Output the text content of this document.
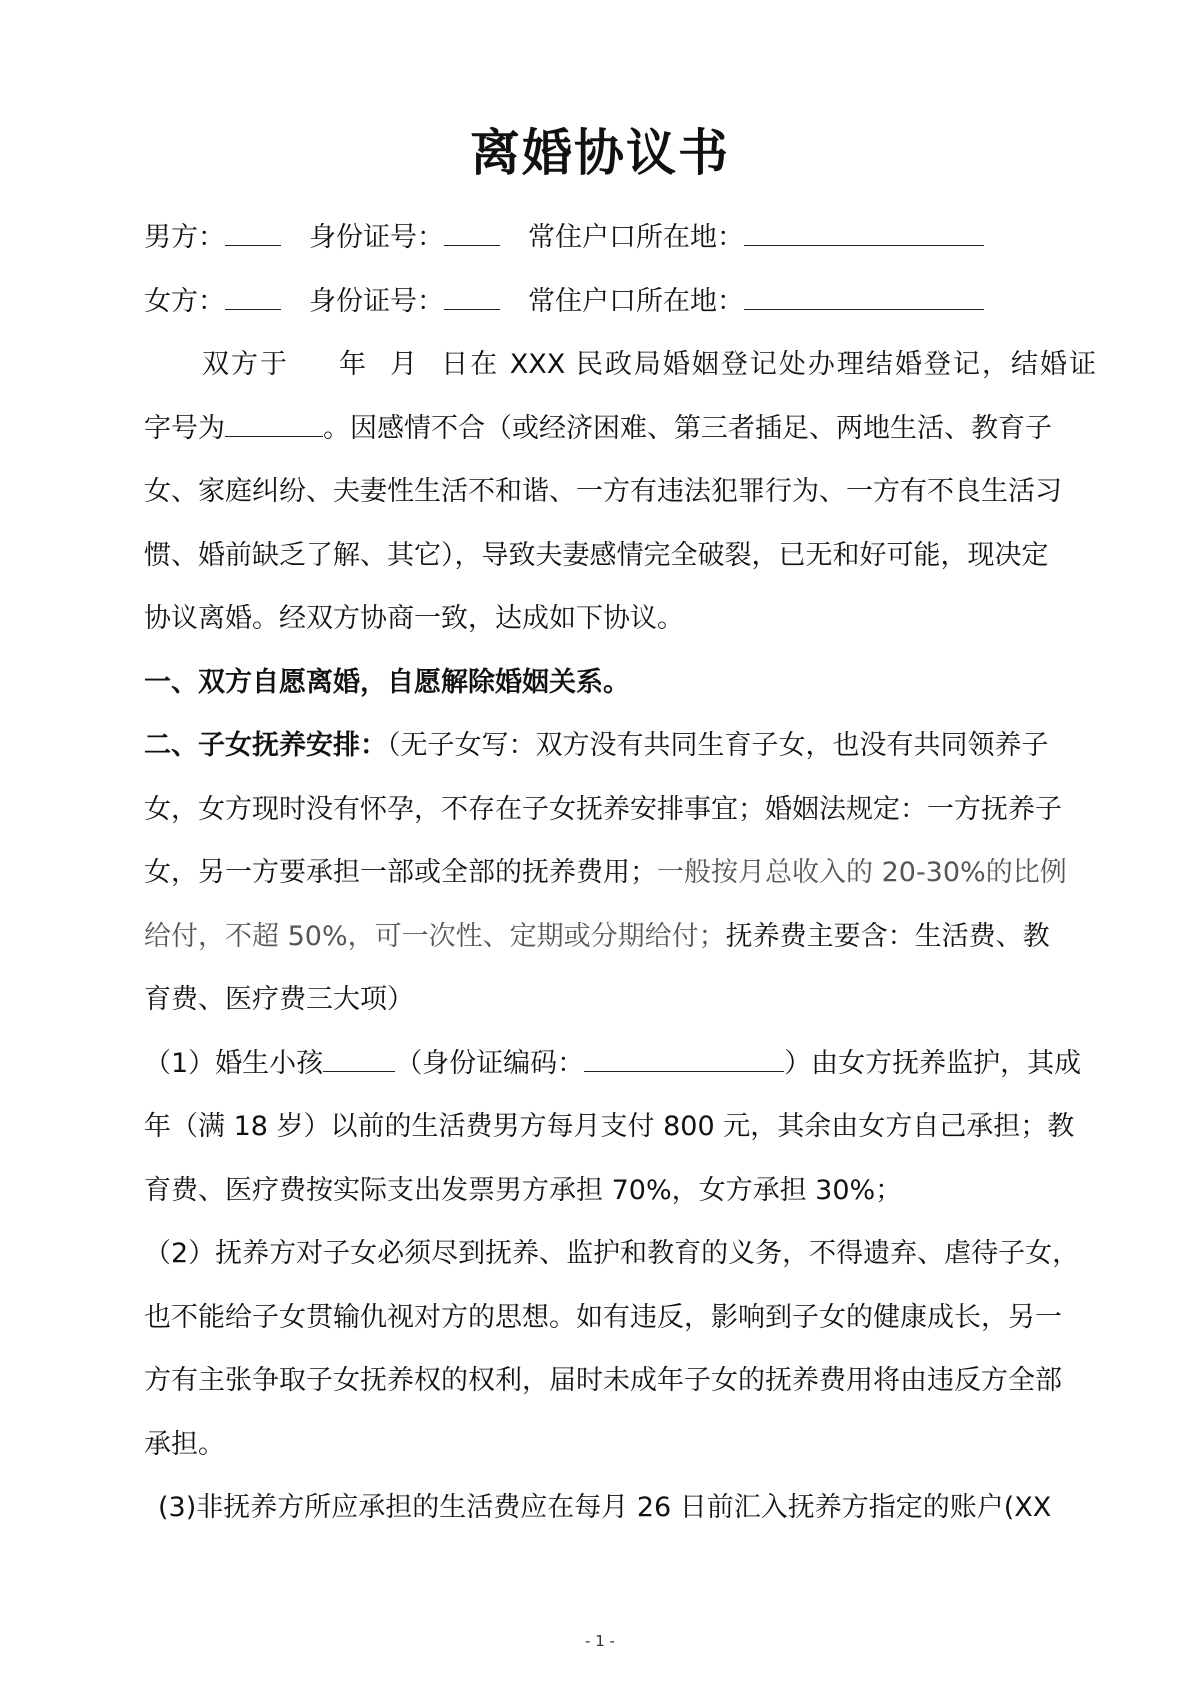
离婚协议书
男方：	身份证号：	常住户口所在地：
女方：	身份证号：	常住户口所在地：
双方于 年 月 日在 XXX 民政局婚姻登记处办理结婚登记，结婚证
字号为	。因感情不合（或经济困难、第三者插足、两地生活、教育子
女、家庭纠纷、夫妻性生活不和谐、一方有违法犯罪行为、一方有不良生活习
惯、婚前缺乏了解、其它），导致夫妻感情完全破裂，已无和好可能，现决定
协议离婚。经双方协商一致，达成如下协议。
一、双方自愿离婚，自愿解除婚姻关系。
二、子女抚养安排：（无子女写：双方没有共同生育子女，也没有共同领养子
女，女方现时没有怀孕，不存在子女抚养安排事宜；婚姻法规定：一方抚养子
女，另一方要承担一部或全部的抚养费用；一般按月总收入的 20-30%的比例
给付，不超 50%，可一次性、定期或分期给付；抚养费主要含：生活费、教
育费、医疗费三大项）
（1）婚生小孩	（身份证编码：	）由女方抚养监护，其成
年（满 18 岁）以前的生活费男方每月支付 800 元，其余由女方自己承担；教
育费、医疗费按实际支出发票男方承担 70%，女方承担 30%；
（2）抚养方对子女必须尽到抚养、监护和教育的义务，不得遗弃、虐待子女，
也不能给子女贯输仇视对方的思想。如有违反，影响到子女的健康成长，另一
方有主张争取子女抚养权的权利，届时未成年子女的抚养费用将由违反方全部
承担。
(3)非抚养方所应承担的生活费应在每月 26 日前汇入抚养方指定的账户(XX
- 1 -
